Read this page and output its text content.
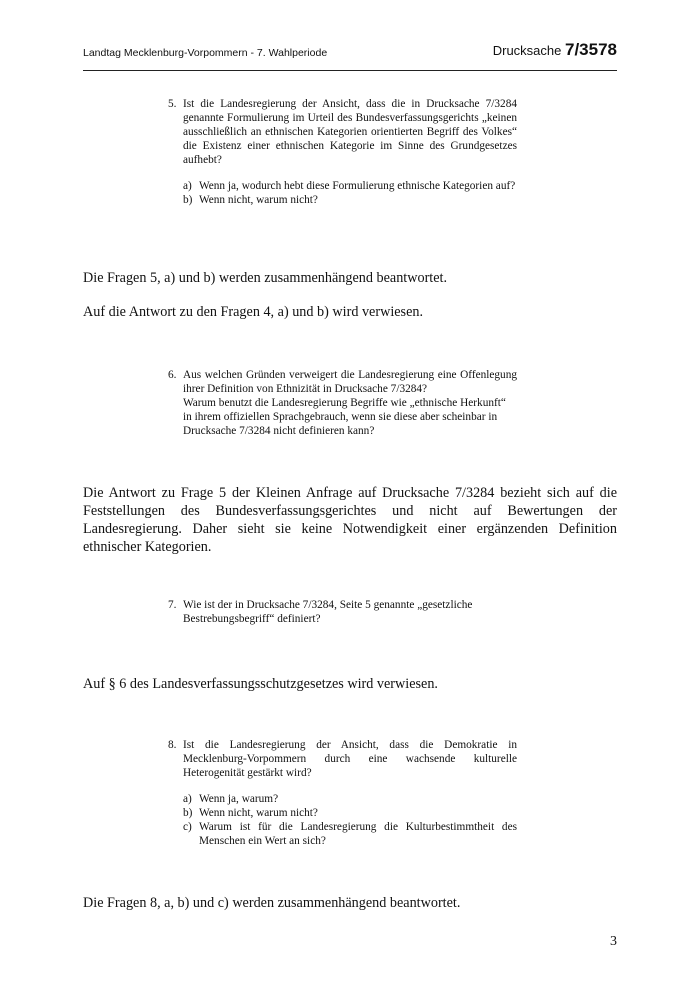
Landtag Mecklenburg-Vorpommern - 7. Wahlperiode	Drucksache 7/3578
5. Ist die Landesregierung der Ansicht, dass die in Drucksache 7/3284 genannte Formulierung im Urteil des Bundesverfassungsgerichts „keinen ausschließlich an ethnischen Kategorien orientierten Begriff des Volkes“ die Existenz einer ethnischen Kategorie im Sinne des Grundgesetzes aufhebt?

a) Wenn ja, wodurch hebt diese Formulierung ethnische Kategorien auf?
b) Wenn nicht, warum nicht?
Die Fragen 5, a) und b) werden zusammenhängend beantwortet.
Auf die Antwort zu den Fragen 4, a) und b) wird verwiesen.
6. Aus welchen Gründen verweigert die Landesregierung eine Offenlegung ihrer Definition von Ethnizität in Drucksache 7/3284?

Warum benutzt die Landesregierung Begriffe wie „ethnische Herkunft“ in ihrem offiziellen Sprachgebrauch, wenn sie diese aber scheinbar in Drucksache 7/3284 nicht definieren kann?

Die Antwort zu Frage 5 der Kleinen Anfrage auf Drucksache 7/3284 bezieht sich auf die Feststellungen des Bundesverfassungsgerichtes und nicht auf Bewertungen der Landesregierung. Daher sieht sie keine Notwendigkeit einer ergänzenden Definition ethnischer Kategorien.
7. Wie ist der in Drucksache 7/3284, Seite 5 genannte „gesetzliche Bestrebungsbegriff“ definiert?

Auf § 6 des Landesverfassungsschutzgesetzes wird verwiesen.
8. Ist die Landesregierung der Ansicht, dass die Demokratie in Mecklenburg-Vorpommern durch eine wachsende kulturelle Heterogenität gestärkt wird?

a) Wenn ja, warum?
b) Wenn nicht, warum nicht?
c) Warum ist für die Landesregierung die Kulturbestimmtheit des Menschen ein Wert an sich?
Die Fragen 8, a, b) und c) werden zusammenhängend beantwortet.
3
